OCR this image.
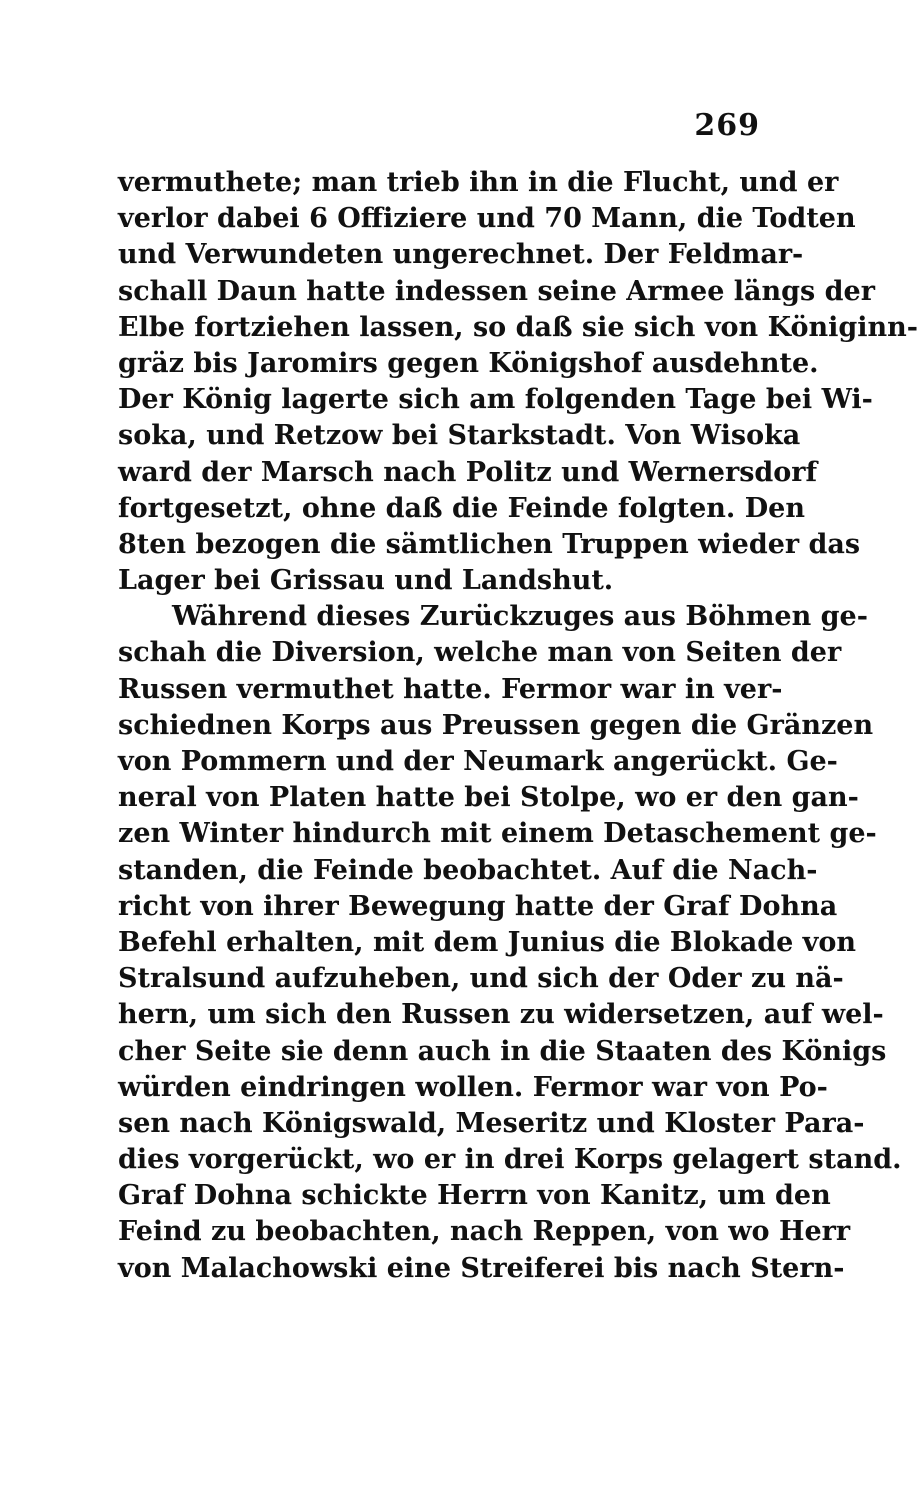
269
vermuthete; man trieb ihn in die Flucht, und er
verlor dabei 6 Offiziere und 70 Mann, die Todten
und Verwundeten ungerechnet. Der Feldmar-
schall Daun hatte indessen seine Armee längs der
Elbe fortziehen lassen, so daß sie sich von Königinn-
gräz bis Jaromirs gegen Königshof ausdehnte.
Der König lagerte sich am folgenden Tage bei Wi-
soka, und Retzow bei Starkstadt. Von Wisoka
ward der Marsch nach Politz und Wernersdorf
fortgesetzt, ohne daß die Feinde folgten. Den
8ten bezogen die sämtlichen Truppen wieder das
Lager bei Grissau und Landshut.
Während dieses Zurückzuges aus Böhmen ge-
schah die Diversion, welche man von Seiten der
Russen vermuthet hatte. Fermor war in ver-
schiednen Korps aus Preussen gegen die Gränzen
von Pommern und der Neumark angerückt. Ge-
neral von Platen hatte bei Stolpe, wo er den gan-
zen Winter hindurch mit einem Detaschement ge-
standen, die Feinde beobachtet. Auf die Nach-
richt von ihrer Bewegung hatte der Graf Dohna
Befehl erhalten, mit dem Junius die Blokade von
Stralsund aufzuheben, und sich der Oder zu nä-
hern, um sich den Russen zu widersetzen, auf wel-
cher Seite sie denn auch in die Staaten des Königs
würden eindringen wollen. Fermor war von Po-
sen nach Königswald, Meseritz und Kloster Para-
dies vorgerückt, wo er in drei Korps gelagert stand.
Graf Dohna schickte Herrn von Kanitz, um den
Feind zu beobachten, nach Reppen, von wo Herr
von Malachowski eine Streiferei bis nach Stern-
